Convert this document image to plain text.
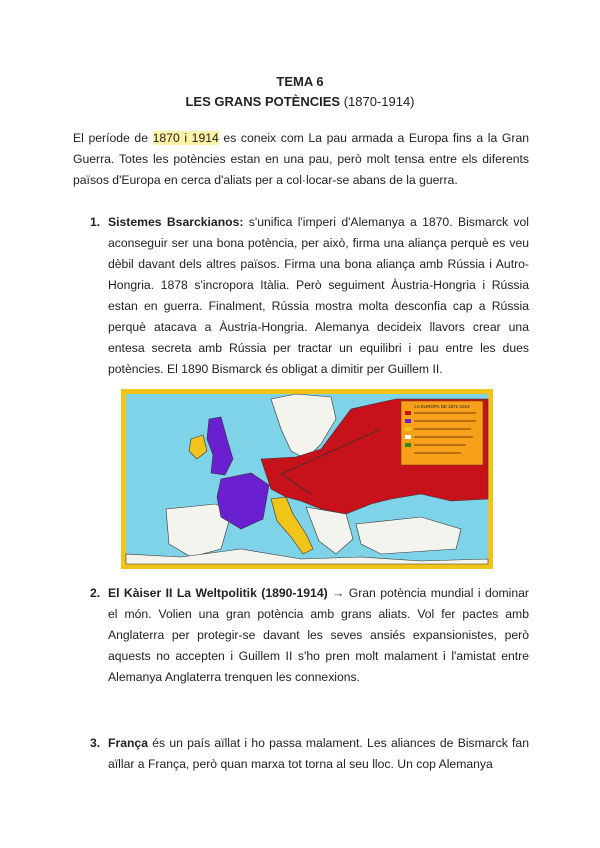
TEMA 6
LES GRANS POTÈNCIES (1870-1914)
El període de 1870 i 1914 es coneix com La pau armada a Europa fins a la Gran Guerra. Totes les potències estan en una pau, però molt tensa entre els diferents països d'Europa en cerca d'aliats per a col·locar-se abans de la guerra.
1. Sistemes Bsarckianos: s'unifica l'imperi d'Alemanya a 1870. Bismarck vol aconseguir ser una bona potència, per això, firma una aliança perquè es veu dèbil davant dels altres països. Firma una bona aliança amb Rússia i Autro-Hongria. 1878 s'incropora Itàlia. Però seguiment Àustria-Hongria i Rússia estan en guerra. Finalment, Rússia mostra molta desconfia cap a Rússia perquè atacava a Àustria-Hongria. Alemanya decideix llavors crear una entesa secreta amb Rússia per tractar un equilibri i pau entre les dues potències. El 1890 Bismarck és obligat a dimitir per Guillem II.
LA EUROPA DE 1871-1914
2. El Kàiser II La Weltpolitik (1890-1914) → Gran potència mundial i dominar el món. Volien una gran potència amb grans aliats. Vol fer pactes amb Anglaterra per protegir-se davant les seves ansiés expansionistes, però aquests no accepten i Guillem II s'ho pren molt malament i l'amistat entre Alemanya Anglaterra trenquen les connexions.
3. França és un país aïllat i ho passa malament. Les aliances de Bismarck fan aïllar a França, però quan marxa tot torna al seu lloc. Un cop Alemanya
